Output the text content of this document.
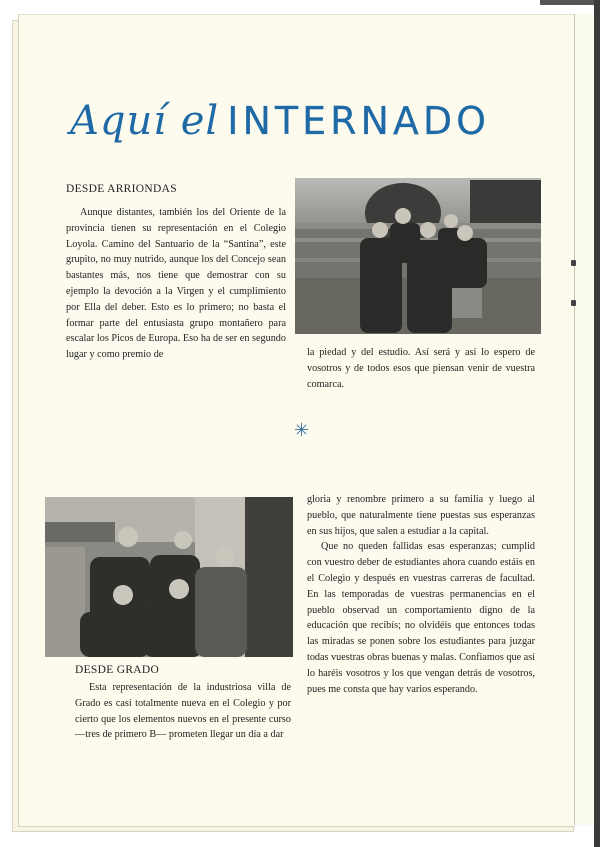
Aquí el INTERNADO
DESDE ARRIONDAS

Aunque distantes, también los del Oriente de la provincia tienen su representación en el Colegio Loyola. Camino del Santuario de la “Santina”, este grupito, no muy nutrido, aunque los del Concejo sean bastantes más, nos tiene que demostrar con su ejemplo la devoción a la Virgen y el cumplimiento por Ella del deber. Esto es lo primero; no basta el formar parte del entusiasta grupo montañero para escalar los Picos de Europa. Eso ha de ser en segundo lugar y como premio de	la piedad y del estudio. Así será y así lo espero de vosotros y de todos esos que piensan venir de vuestra comarca.

✳
DESDE GRADO

Esta representación de la industriosa villa de Grado es casi totalmente nueva en el Colegio y por cierto que los elementos nuevos en el presente curso —tres de primero B— prometen llegar un día a dar

gloria y renombre primero a su familia y luego al pueblo, que naturalmente tiene puestas sus esperanzas en sus hijos, que salen a estudiar a la capital.

Que no queden fallidas esas esperanzas; cumplid con vuestro deber de estudiantes ahora cuando estáis en el Colegio y después en vuestras carreras de facultad. En las temporadas de vuestras permanencias en el pueblo observad un comportamiento digno de la educación que recibís; no olvidéis que entonces todas las miradas se ponen sobre los estudiantes para juzgar todas vuestras obras buenas y malas. Confiamos que así lo haréis vosotros y los que vengan detrás de vosotros, pues me consta que hay varios esperando.
